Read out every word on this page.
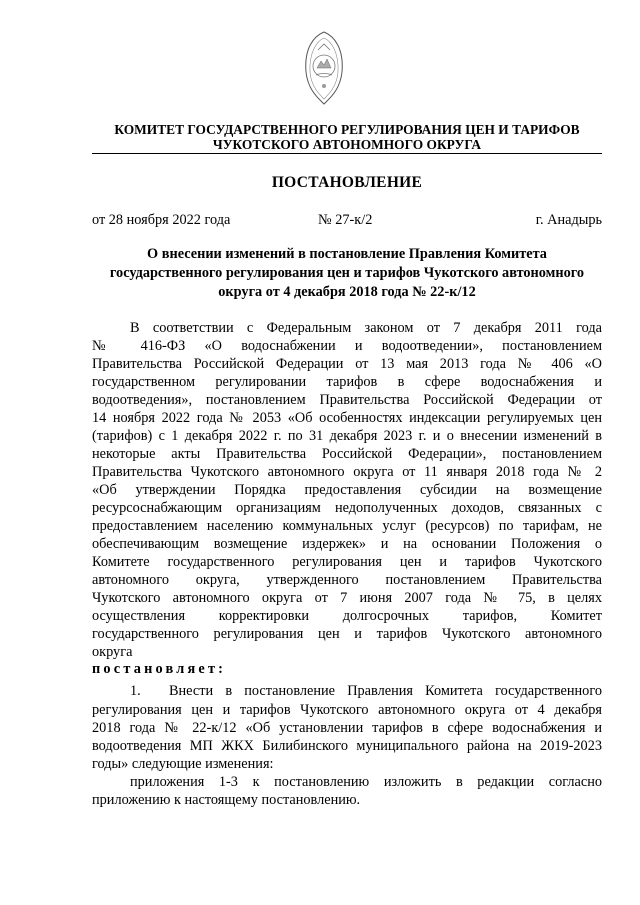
КОМИТЕТ ГОСУДАРСТВЕННОГО РЕГУЛИРОВАНИЯ ЦЕН И ТАРИФОВ
ЧУКОТСКОГО АВТОНОМНОГО ОКРУГА
ПОСТАНОВЛЕНИЕ
от 28 ноября 2022 года	№ 27-к/2	г. Анадырь
О внесении изменений в постановление Правления Комитета
государственного регулирования цен и тарифов Чукотского автономного
округа от 4 декабря 2018 года № 22-к/12
В соответствии с Федеральным законом от 7 декабря 2011 года
№ 416-ФЗ «О водоснабжении и водоотведении», постановлением
Правительства Российской Федерации от 13 мая 2013 года № 406 «О
государственном регулировании тарифов в сфере водоснабжения и
водоотведения», постановлением Правительства Российской Федерации от
14 ноября 2022 года № 2053 «Об особенностях индексации регулируемых цен
(тарифов) с 1 декабря 2022 г. по 31 декабря 2023 г. и о внесении изменений в
некоторые акты Правительства Российской Федерации», постановлением
Правительства Чукотского автономного округа от 11 января 2018 года № 2
«Об утверждении Порядка предоставления субсидии на возмещение
ресурсоснабжающим организациям недополученных доходов, связанных с
предоставлением населению коммунальных услуг (ресурсов) по тарифам, не
обеспечивающим возмещение издержек» и на основании Положения о
Комитете государственного регулирования цен и тарифов Чукотского
автономного округа, утвержденного постановлением Правительства
Чукотского автономного округа от 7 июня 2007 года № 75, в целях
осуществления корректировки долгосрочных тарифов, Комитет
государственного регулирования цен и тарифов Чукотского автономного
округа
постановляет:
1. Внести в постановление Правления Комитета государственного
регулирования цен и тарифов Чукотского автономного округа от 4 декабря
2018 года № 22-к/12 «Об установлении тарифов в сфере водоснабжения и
водоотведения МП ЖКХ Билибинского муниципального района на 2019-2023
годы» следующие изменения:
приложения 1-3 к постановлению изложить в редакции согласно
приложению к настоящему постановлению.
